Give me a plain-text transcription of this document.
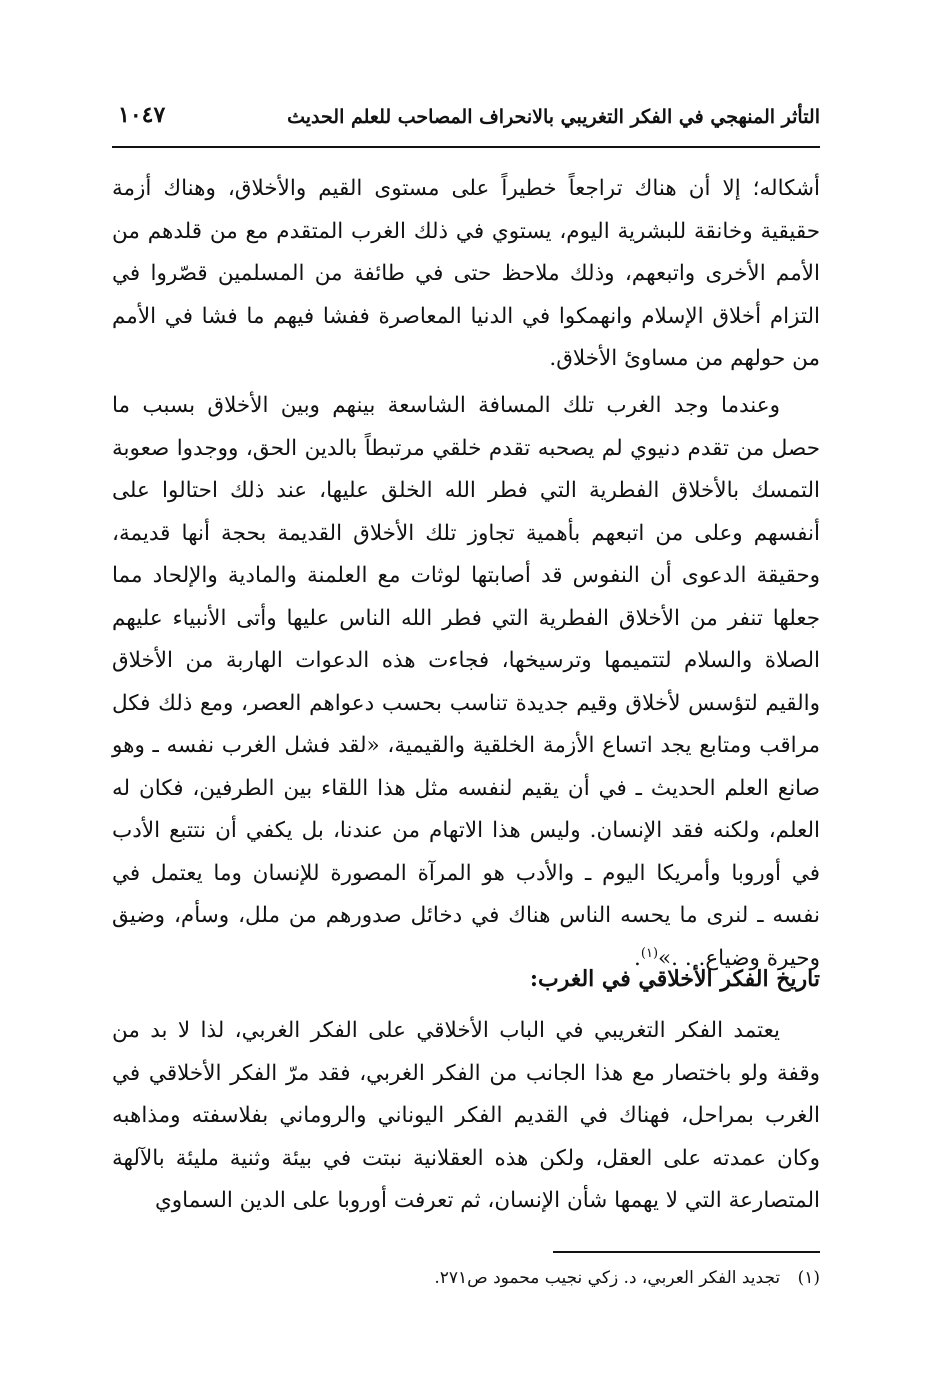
التأثر المنهجي في الفكر التغريبي بالانحراف المصاحب للعلم الحديث
١٠٤٧

أشكاله؛ إلا أن هناك تراجعاً خطيراً على مستوى القيم والأخلاق، وهناك أزمة حقيقية وخانقة للبشرية اليوم، يستوي في ذلك الغرب المتقدم مع من قلدهم من الأمم الأخرى واتبعهم، وذلك ملاحظ حتى في طائفة من المسلمين قصّروا في التزام أخلاق الإسلام وانهمكوا في الدنيا المعاصرة ففشا فيهم ما فشا في الأمم من حولهم من مساوئ الأخلاق.

وعندما وجد الغرب تلك المسافة الشاسعة بينهم وبين الأخلاق بسبب ما حصل من تقدم دنيوي لم يصحبه تقدم خلقي مرتبطاً بالدين الحق، ووجدوا صعوبة التمسك بالأخلاق الفطرية التي فطر الله الخلق عليها، عند ذلك احتالوا على أنفسهم وعلى من اتبعهم بأهمية تجاوز تلك الأخلاق القديمة بحجة أنها قديمة، وحقيقة الدعوى أن النفوس قد أصابتها لوثات مع العلمنة والمادية والإلحاد مما جعلها تنفر من الأخلاق الفطرية التي فطر الله الناس عليها وأتى الأنبياء عليهم الصلاة والسلام لتتميمها وترسيخها، فجاءت هذه الدعوات الهاربة من الأخلاق والقيم لتؤسس لأخلاق وقيم جديدة تناسب بحسب دعواهم العصر، ومع ذلك فكل مراقب ومتابع يجد اتساع الأزمة الخلقية والقيمية، «لقد فشل الغرب نفسه ـ وهو صانع العلم الحديث ـ في أن يقيم لنفسه مثل هذا اللقاء بين الطرفين، فكان له العلم، ولكنه فقد الإنسان. وليس هذا الاتهام من عندنا، بل يكفي أن نتتبع الأدب في أوروبا وأمريكا اليوم ـ والأدب هو المرآة المصورة للإنسان وما يعتمل في نفسه ـ لنرى ما يحسه الناس هناك في دخائل صدورهم من ملل، وسأم، وضيق وحيرة وضياع. . .»$^{(١)}$.

تاريخ الفكر الأخلاقي في الغرب:

يعتمد الفكر التغريبي في الباب الأخلاقي على الفكر الغربي، لذا لا بد من وقفة ولو باختصار مع هذا الجانب من الفكر الغربي، فقد مرّ الفكر الأخلاقي في الغرب بمراحل، فهناك في القديم الفكر اليوناني والروماني بفلاسفته ومذاهبه وكان عمدته على العقل، ولكن هذه العقلانية نبتت في بيئة وثنية مليئة بالآلهة المتصارعة التي لا يهمها شأن الإنسان، ثم تعرفت أوروبا على الدين السماوي

(١) تجديد الفكر العربي، د. زكي نجيب محمود ص٢٧١.
